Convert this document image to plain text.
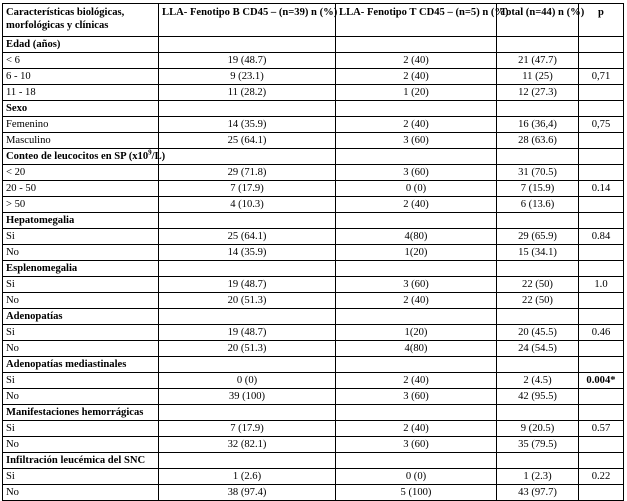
Características biológicas, morfológicas y clínicas	LLA- Fenotipo B CD45 – (n=39) n (%)	LLA- Fenotipo T CD45 – (n=5) n (%)	Total (n=44) n (%)	p
Edad (años)				
< 6	19 (48.7)	2 (40)	21 (47.7)	
6 - 10	9 (23.1)	2 (40)	11 (25)	0,71
11 - 18	11 (28.2)	1 (20)	12 (27.3)	
Sexo				
Femenino	14 (35.9)	2 (40)	16 (36,4)	0,75
Masculino	25 (64.1)	3 (60)	28 (63.6)	
Conteo de leucocitos en SP $(x10^9/L)$				
< 20	29 (71.8)	3 (60)	31 (70.5)	
20 - 50	7 (17.9)	0 (0)	7 (15.9)	0.14
> 50	4 (10.3)	2 (40)	6 (13.6)	
Hepatomegalia				
Si	25 (64.1)	4(80)	29 (65.9)	0.84
No	14 (35.9)	1(20)	15 (34.1)	
Esplenomegalia				
Si	19 (48.7)	3 (60)	22 (50)	1.0
No	20 (51.3)	2 (40)	22 (50)	
Adenopatías				
Si	19 (48.7)	1(20)	20 (45.5)	0.46
No	20 (51.3)	4(80)	24 (54.5)	
Adenopatías mediastinales				
Si	0 (0)	2 (40)	2 (4.5)	0.004*
No	39 (100)	3 (60)	42 (95.5)	
Manifestaciones hemorrágicas				
Si	7 (17.9)	2 (40)	9 (20.5)	0.57
No	32 (82.1)	3 (60)	35 (79.5)	
Infiltración leucémica del SNC				
Si	1 (2.6)	0 (0)	1 (2.3)	0.22
No	38 (97.4)	5 (100)	43 (97.7)	
